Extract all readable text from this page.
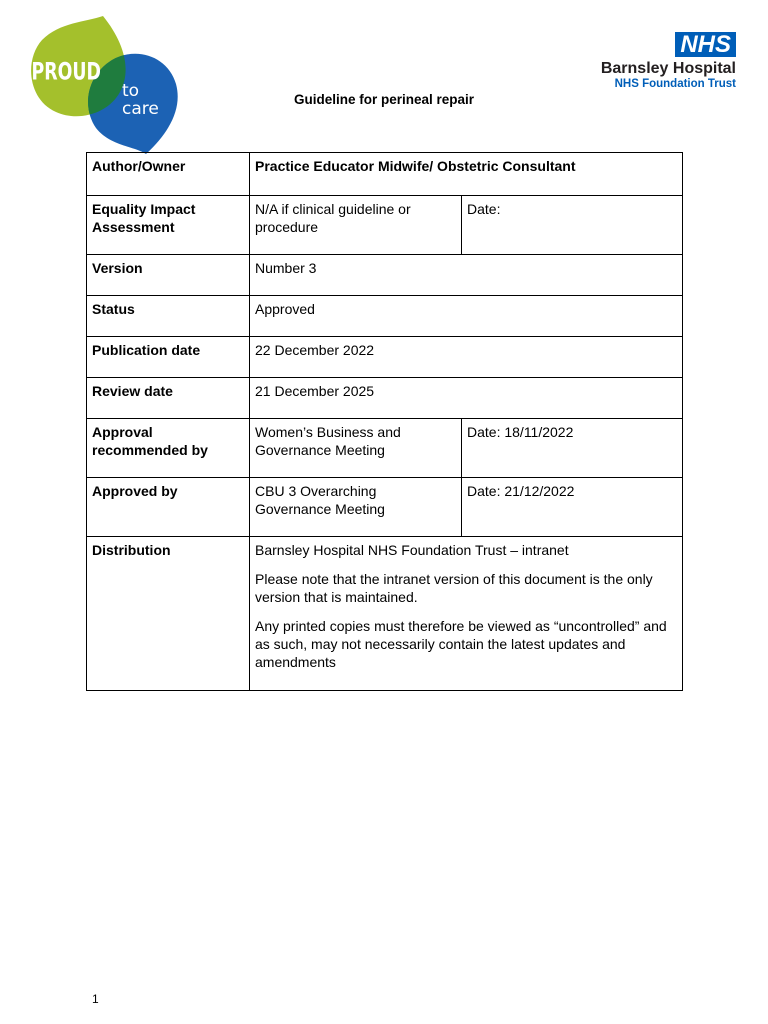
PROUD
to
care
NHS
Barnsley Hospital
NHS Foundation Trust
Guideline for perineal repair
Author/Owner	Practice Educator Midwife/ Obstetric Consultant	
Equality Impact Assessment	N/A if clinical guideline or procedure	Date:
Version	Number 3	
Status	Approved	
Publication date	22 December 2022	
Review date	21 December 2025	
Approval recommended by	Women’s Business and Governance Meeting	Date: 18/11/2022
Approved by	CBU 3 Overarching Governance Meeting	Date: 21/12/2022
Distribution	Barnsley Hospital NHS Foundation Trust – intranet

Please note that the intranet version of this document is the only version that is maintained.

Any printed copies must therefore be viewed as “uncontrolled” and as such, may not necessarily contain the latest updates and amendments	

1
